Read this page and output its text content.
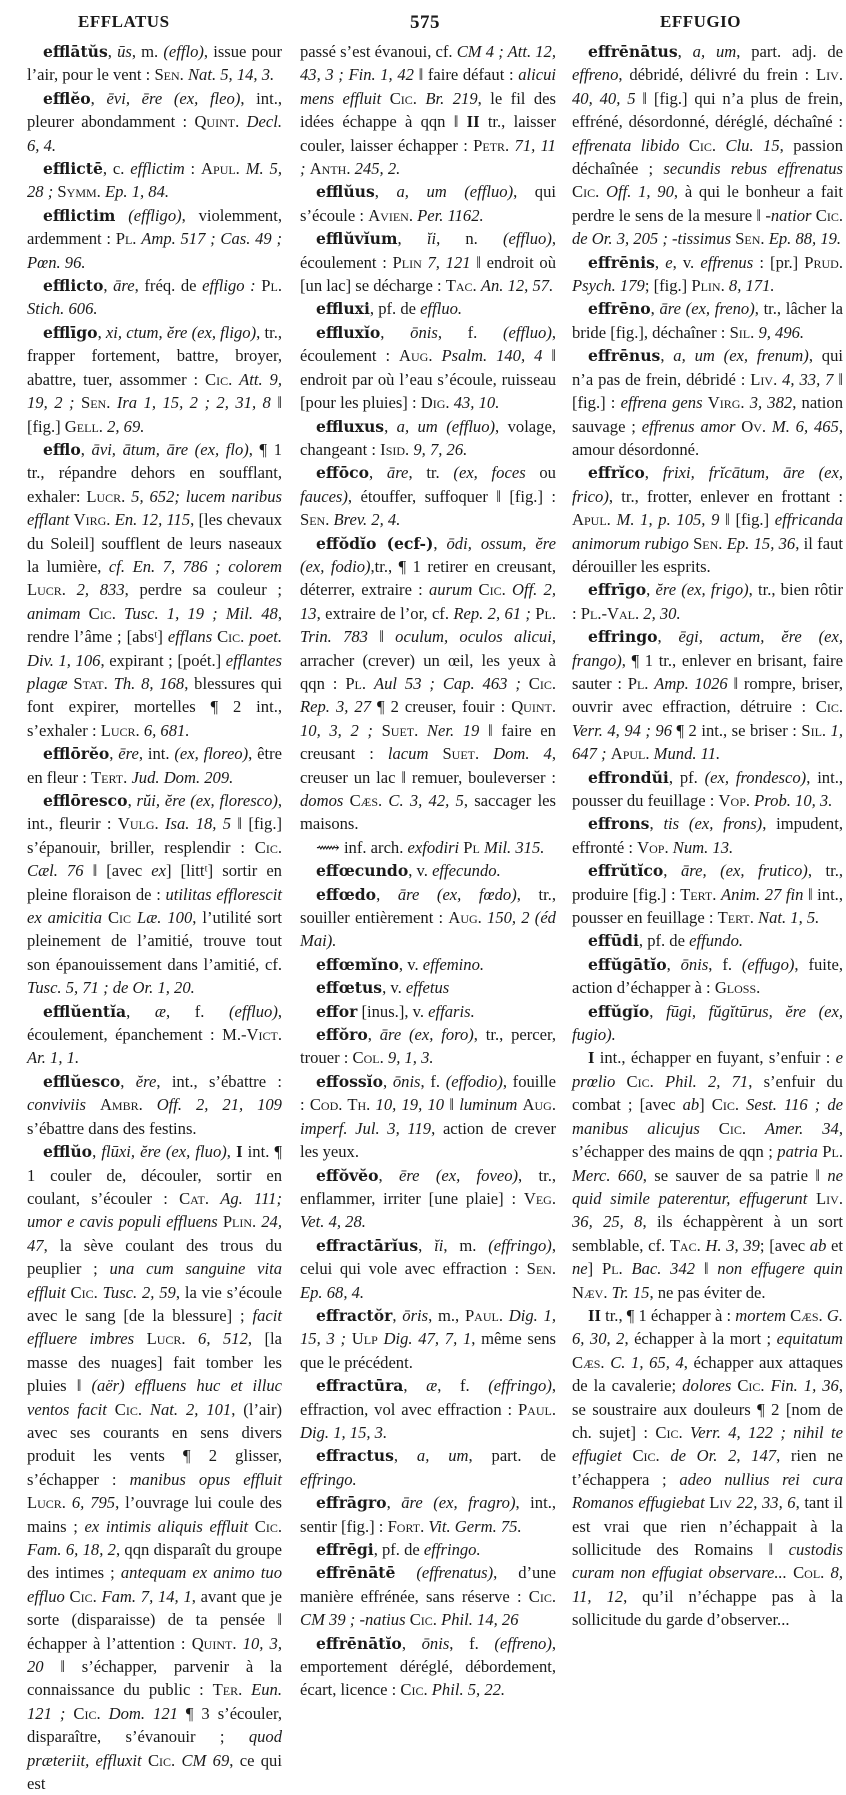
EFFLATUS	575	EFFUGIO

efflātŭs, ūs, m. (efflo), issue pour l’air, pour le vent : Sen. Nat. 5, 14, 3.

efflĕo, ēvi, ēre (ex, fleo), int., pleurer abondamment : Quint. Decl. 6, 4.

efflictē, c. efflictim : Apul. M. 5, 28 ; Symm. Ep. 1, 84.

efflictim (effligo), violemment, ardemment : Pl. Amp. 517 ; Cas. 49 ; Pœn. 96.

efflicto, āre, fréq. de effligo : Pl. Stich. 606.

efflīgo, xi, ctum, ĕre (ex, fligo), tr., frapper fortement, battre, broyer, abattre, tuer, assommer : Cic. Att. 9, 19, 2 ; Sen. Ira 1, 15, 2 ; 2, 31, 8 ‖ [fig.] Gell. 2, 69.

efflo, āvi, ātum, āre (ex, flo), ¶ 1 tr., répandre dehors en soufflant, exhaler: Lucr. 5, 652; lucem naribus efflant Virg. En. 12, 115, [les chevaux du Soleil] soufflent de leurs naseaux la lumière, cf. En. 7, 786 ; colorem Lucr. 2, 833, perdre sa couleur ; animam Cic. Tusc. 1, 19 ; Mil. 48, rendre l’âme ; [absᵗ] efflans Cic. poet. Div. 1, 106, expirant ; [poét.] efflantes plagæ Stat. Th. 8, 168, blessures qui font expirer, mortelles ¶ 2 int., s’exhaler : Lucr. 6, 681.

efflōrĕo, ēre, int. (ex, floreo), être en fleur : Tert. Jud. Dom. 209.

efflōresco, rŭi, ĕre (ex, floresco), int., fleurir : Vulg. Isa. 18, 5 ‖ [fig.] s’épanouir, briller, resplendir : Cic. Cæl. 76 ‖ [avec ex] [littᵗ] sortir en pleine floraison de : utilitas efflorescit ex amicitia Cic Læ. 100, l’utilité sort pleinement de l’amitié, trouve tout son épanouissement dans l’amitié, cf. Tusc. 5, 71 ; de Or. 1, 20.

efflŭentĭa, æ, f. (effluo), écoulement, épanchement : M.-Vict. Ar. 1, 1.

efflŭesco, ĕre, int., s’ébattre : conviviis Ambr. Off. 2, 21, 109 s’ébattre dans des festins.

efflŭo, flūxi, ĕre (ex, fluo), I int. ¶ 1 couler de, découler, sortir en coulant, s’écouler : Cat. Ag. 111; umor e cavis populi effluens Plin. 24, 47, la sève coulant des trous du peuplier ; una cum sanguine vita effluit Cic. Tusc. 2, 59, la vie s’écoule avec le sang [de la blessure] ; facit effluere imbres Lucr. 6, 512, [la masse des nuages] fait tomber les pluies ‖ (aër) effluens huc et illuc ventos facit Cic. Nat. 2, 101, (l’air) avec ses courants en sens divers produit les vents ¶ 2 glisser, s’échapper : manibus opus effluit Lucr. 6, 795, l’ouvrage lui coule des mains ; ex intimis aliquis effluit Cic. Fam. 6, 18, 2, qqn disparaît du groupe des intimes ; antequam ex animo tuo effluo Cic. Fam. 7, 14, 1, avant que je sorte (disparaisse) de ta pensée ‖ échapper à l’attention : Quint. 10, 3, 20 ‖ s’échapper, parvenir à la connaissance du public : Ter. Eun. 121 ; Cic. Dom. 121 ¶ 3 s’écouler, disparaître, s’évanouir ; quod præteriit, effluxit Cic. CM 69, ce qui est

passé s’est évanoui, cf. CM 4 ; Att. 12, 43, 3 ; Fin. 1, 42 ‖ faire défaut : alicui mens effluit Cic. Br. 219, le fil des idées échappe à qqn ‖ II tr., laisser couler, laisser échapper : Petr. 71, 11 ; Anth. 245, 2.

efflŭus, a, um (effluo), qui s’écoule : Avien. Per. 1162.

efflŭvĭum, ĭi, n. (effluo), écoulement : Plin 7, 121 ‖ endroit où [un lac] se décharge : Tac. An. 12, 57.

effluxi, pf. de effluo.

effluxĭo, ōnis, f. (effluo), écoulement : Aug. Psalm. 140, 4 ‖ endroit par où l’eau s’écoule, ruisseau [pour les pluies] : Dig. 43, 10.

effluxus, a, um (effluo), volage, changeant : Isid. 9, 7, 26.

effōco, āre, tr. (ex, foces ou fauces), étouffer, suffoquer ‖ [fig.] : Sen. Brev. 2, 4.

effŏdĭo (ecf-), ōdi, ossum, ĕre (ex, fodio),tr., ¶ 1 retirer en creusant, déterrer, extraire : aurum Cic. Off. 2, 13, extraire de l’or, cf. Rep. 2, 61 ; Pl. Trin. 783 ‖ oculum, oculos alicui, arracher (crever) un œil, les yeux à qqn : Pl. Aul 53 ; Cap. 463 ; Cic. Rep. 3, 27 ¶ 2 creuser, fouir : Quint. 10, 3, 2 ; Suet. Ner. 19 ‖ faire en creusant : lacum Suet. Dom. 4, creuser un lac ‖ remuer, bouleverser : domos Cæs. C. 3, 42, 5, saccager les maisons.

⟿ inf. arch. exfodiri Pl Mil. 315.

effœcundo, v. effecundo.

effœdo, āre (ex, fœdo), tr., souiller entièrement : Aug. 150, 2 (éd Mai).

effœmĭno, v. effemino.

effœtus, v. effetus

effor [inus.], v. effaris.

effŏro, āre (ex, foro), tr., percer, trouer : Col. 9, 1, 3.

effossĭo, ōnis, f. (effodio), fouille : Cod. Th. 10, 19, 10 ‖ luminum Aug. imperf. Jul. 3, 119, action de crever les yeux.

effŏvĕo, ēre (ex, foveo), tr., enflammer, irriter [une plaie] : Veg. Vet. 4, 28.

effractārĭus, ĭi, m. (effringo), celui qui vole avec effraction : Sen. Ep. 68, 4.

effractŏr, ōris, m., Paul. Dig. 1, 15, 3 ; Ulp Dig. 47, 7, 1, même sens que le précédent.

effractūra, æ, f. (effringo), effraction, vol avec effraction : Paul. Dig. 1, 15, 3.

effractus, a, um, part. de effringo.

effrāgro, āre (ex, fragro), int., sentir [fig.] : Fort. Vit. Germ. 75.

effrēgi, pf. de effringo.

effrēnātē (effrenatus), d’une manière effrénée, sans réserve : Cic. CM 39 ; -natius Cic. Phil. 14, 26

effrēnātĭo, ōnis, f. (effreno), emportement déréglé, débordement, écart, licence : Cic. Phil. 5, 22.

effrēnātus, a, um, part. adj. de effreno, débridé, délivré du frein : Liv. 40, 40, 5 ‖ [fig.] qui n’a plus de frein, effréné, désordonné, déréglé, déchaîné : effrenata libido Cic. Clu. 15, passion déchaînée ; secundis rebus effrenatus Cic. Off. 1, 90, à qui le bonheur a fait perdre le sens de la mesure ‖ -natior Cic. de Or. 3, 205 ; -tissimus Sen. Ep. 88, 19.

effrēnis, e, v. effrenus : [pr.] Prud. Psych. 179; [fig.] Plin. 8, 171.

effrēno, āre (ex, freno), tr., lâcher la bride [fig.], déchaîner : Sil. 9, 496.

effrēnus, a, um (ex, frenum), qui n’a pas de frein, débridé : Liv. 4, 33, 7 ‖ [fig.] : effrena gens Virg. 3, 382, nation sauvage ; effrenus amor Ov. M. 6, 465, amour désordonné.

effrĭco, frixi, frĭcātum, āre (ex, frico), tr., frotter, enlever en frottant : Apul. M. 1, p. 105, 9 ‖ [fig.] effricanda animorum rubigo Sen. Ep. 15, 36, il faut dérouiller les esprits.

effrīgo, ĕre (ex, frigo), tr., bien rôtir : Pl.-Val. 2, 30.

effringo, ēgi, actum, ĕre (ex, frango), ¶ 1 tr., enlever en brisant, faire sauter : Pl. Amp. 1026 ‖ rompre, briser, ouvrir avec effraction, détruire : Cic. Verr. 4, 94 ; 96 ¶ 2 int., se briser : Sil. 1, 647 ; Apul. Mund. 11.

effrondŭi, pf. (ex, frondesco), int., pousser du feuillage : Vop. Prob. 10, 3.

effrons, tis (ex, frons), impudent, effronté : Vop. Num. 13.

effrŭtĭco, āre, (ex, frutico), tr., produire [fig.] : Tert. Anim. 27 fin ‖ int., pousser en feuillage : Tert. Nat. 1, 5.

effūdi, pf. de effundo.

effŭgātĭo, ōnis, f. (effugo), fuite, action d’échapper à : Gloss.

effŭgĭo, fūgi, fŭgĭtūrus, ĕre (ex, fugio).

I int., échapper en fuyant, s’enfuir : e prœlio Cic. Phil. 2, 71, s’enfuir du combat ; [avec ab] Cic. Sest. 116 ; de manibus alicujus Cic. Amer. 34, s’échapper des mains de qqn ; patria Pl. Merc. 660, se sauver de sa patrie ‖ ne quid simile paterentur, effugerunt Liv. 36, 25, 8, ils échappèrent à un sort semblable, cf. Tac. H. 3, 39; [avec ab et ne] Pl. Bac. 342 ‖ non effugere quin Næv. Tr. 15, ne pas éviter de.

II tr., ¶ 1 échapper à : mortem Cæs. G. 6, 30, 2, échapper à la mort ; equitatum Cæs. C. 1, 65, 4, échapper aux attaques de la cavalerie; dolores Cic. Fin. 1, 36, se soustraire aux douleurs ¶ 2 [nom de ch. sujet] : Cic. Verr. 4, 122 ; nihil te effugiet Cic. de Or. 2, 147, rien ne t’échappera ; adeo nullius rei cura Romanos effugiebat Liv 22, 33, 6, tant il est vrai que rien n’échappait à la sollicitude des Romains ‖ custodis curam non effugiat observare... Col. 8, 11, 12, qu’il n’échappe pas à la sollicitude du garde d’observer...
